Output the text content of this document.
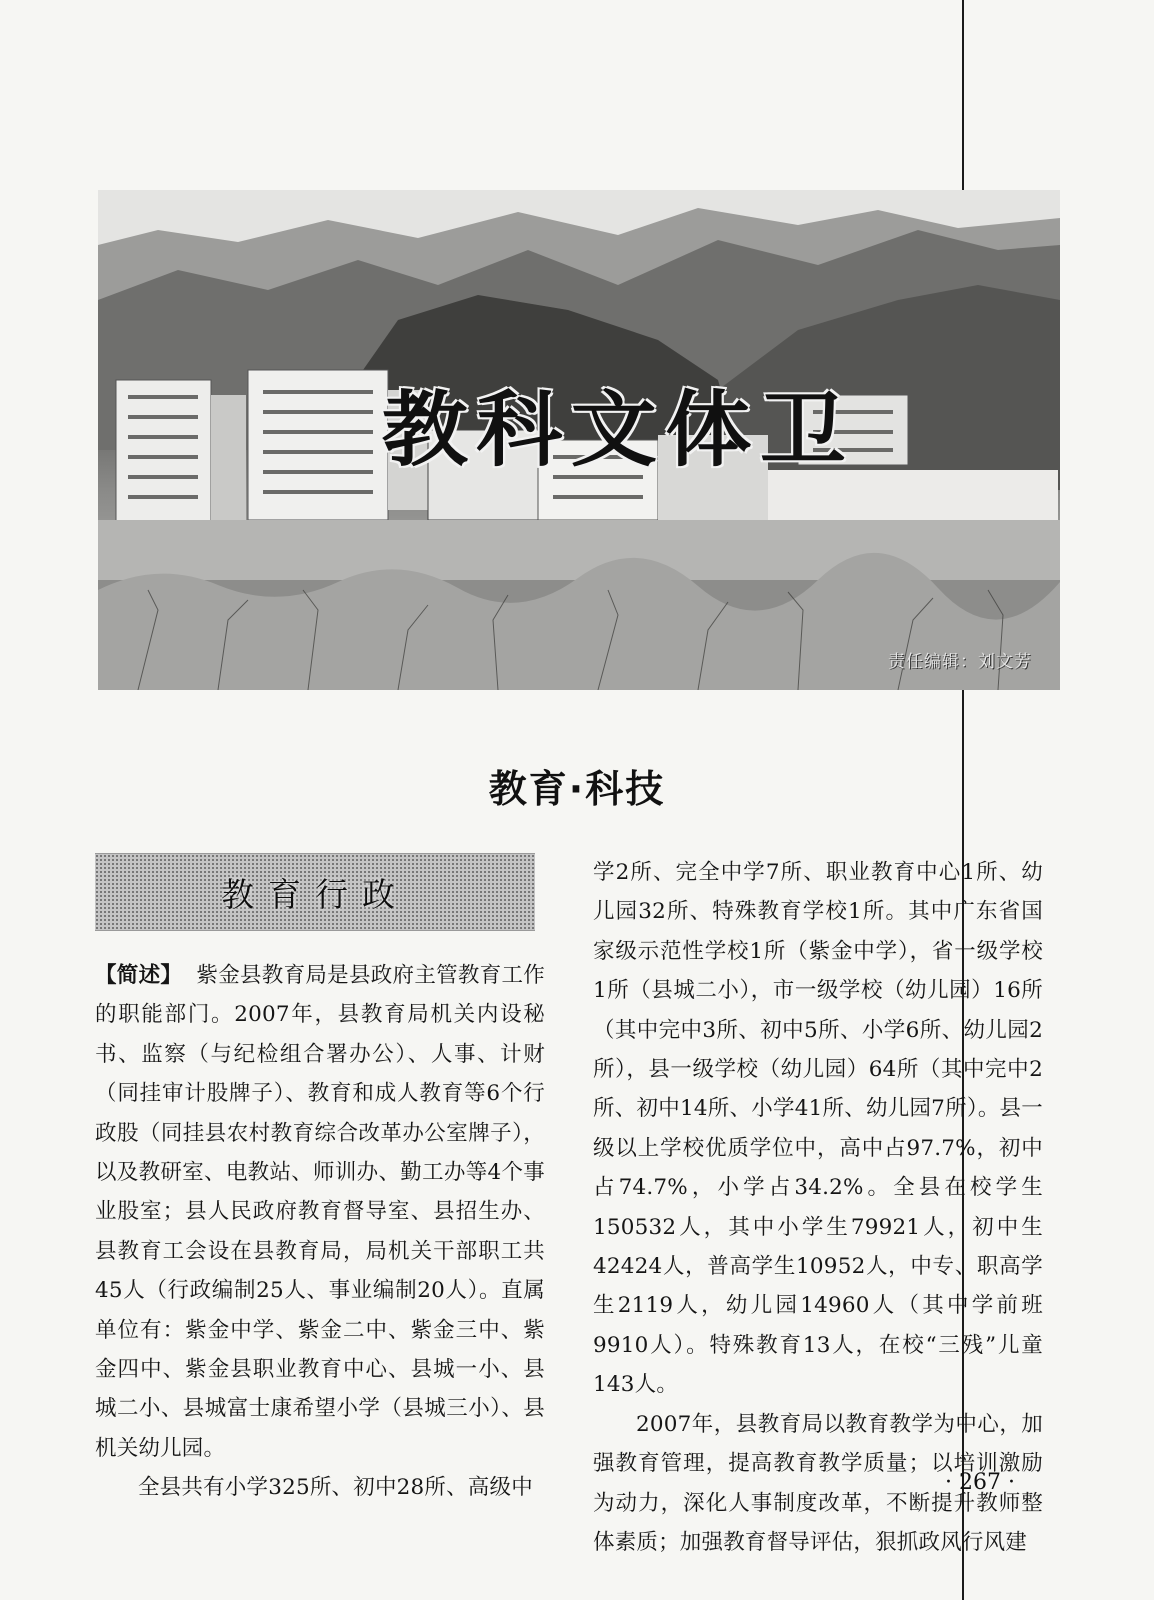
教科文体卫
责任编辑：刘文芳
教育·科技
教育行政

【简述】 紫金县教育局是县政府主管教育工作的职能部门。2007年，县教育局机关内设秘书、监察（与纪检组合署办公）、人事、计财（同挂审计股牌子）、教育和成人教育等6个行政股（同挂县农村教育综合改革办公室牌子），以及教研室、电教站、师训办、勤工办等4个事业股室；县人民政府教育督导室、县招生办、县教育工会设在县教育局，局机关干部职工共45人（行政编制25人、事业编制20人）。直属单位有：紫金中学、紫金二中、紫金三中、紫金四中、紫金县职业教育中心、县城一小、县城二小、县城富士康希望小学（县城三小）、县机关幼儿园。

全县共有小学325所、初中28所、高级中

学2所、完全中学7所、职业教育中心1所、幼儿园32所、特殊教育学校1所。其中广东省国家级示范性学校1所（紫金中学），省一级学校1所（县城二小），市一级学校（幼儿园）16所（其中完中3所、初中5所、小学6所、幼儿园2所），县一级学校（幼儿园）64所（其中完中2所、初中14所、小学41所、幼儿园7所）。县一级以上学校优质学位中，高中占97.7%，初中占74.7%，小学占34.2%。全县在校学生150532人，其中小学生79921人，初中生42424人，普高学生10952人，中专、职高学生2119人，幼儿园14960人（其中学前班9910人）。特殊教育13人，在校“三残”儿童143人。

2007年，县教育局以教育教学为中心，加强教育管理，提高教育教学质量；以培训激励为动力，深化人事制度改革，不断提升教师整体素质；加强教育督导评估，狠抓政风行风建

· 267 ·
